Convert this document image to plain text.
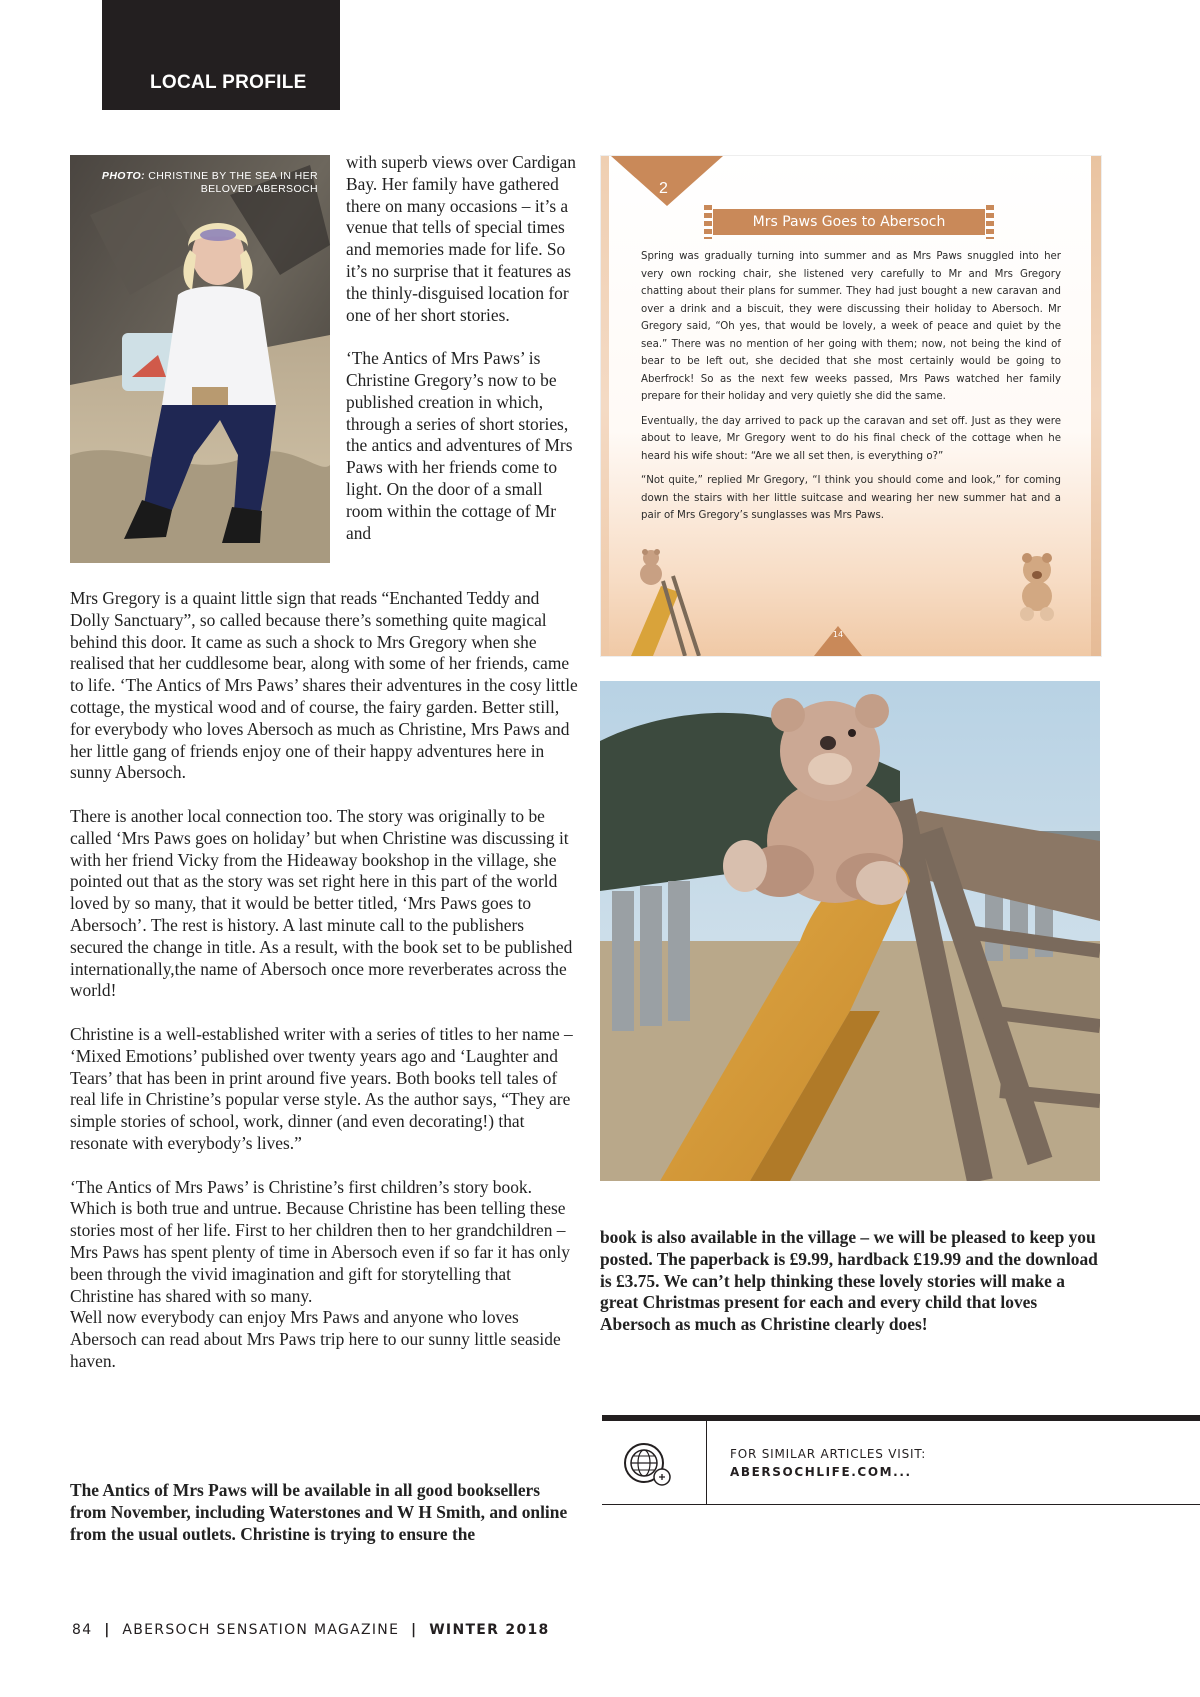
LOCAL PROFILE
PHOTO: CHRISTINE BY THE SEA IN HER BELOVED ABERSOCH

with superb views over Cardigan Bay. Her family have gathered there on many occasions – it’s a venue that tells of special times and memories made for life. So it’s no surprise that it features as the thinly-disguised location for one of her short stories.

‘The Antics of Mrs Paws’ is Christine Gregory’s now to be published creation in which, through a series of short stories, the antics and adventures of Mrs Paws with her friends come to light. On the door of a small room within the cottage of Mr and

Mrs Gregory is a quaint little sign that reads “Enchanted Teddy and Dolly Sanctuary”, so called because there’s something quite magical behind this door. It came as such a shock to Mrs Gregory when she realised that her cuddlesome bear, along with some of her friends, came to life. ‘The Antics of Mrs Paws’ shares their adventures in the cosy little cottage, the mystical wood and of course, the fairy garden. Better still, for everybody who loves Abersoch as much as Christine, Mrs Paws and her little gang of friends enjoy one of their happy adventures here in sunny Abersoch.

There is another local connection too. The story was originally to be called ‘Mrs Paws goes on holiday’ but when Christine was discussing it with her friend Vicky from the Hideaway bookshop in the village, she pointed out that as the story was set right here in this part of the world loved by so many, that it would be better titled, ‘Mrs Paws goes to Abersoch’. The rest is history. A last minute call to the publishers secured the change in title. As a result, with the book set to be published internationally,the name of Abersoch once more reverberates across the world!

Christine is a well-established writer with a series of titles to her name – ‘Mixed Emotions’ published over twenty years ago and ‘Laughter and Tears’ that has been in print around five years. Both books tell tales of real life in Christine’s popular verse style. As the author says, “They are simple stories of school, work, dinner (and even decorating!) that resonate with everybody’s lives.”

‘The Antics of Mrs Paws’ is Christine’s first children’s story book. Which is both true and untrue. Because Christine has been telling these stories most of her life. First to her children then to her grandchildren – Mrs Paws has spent plenty of time in Abersoch even if so far it has only been through the vivid imagination and gift for storytelling that Christine has shared with so many.

Well now everybody can enjoy Mrs Paws and anyone who loves Abersoch can read about Mrs Paws trip here to our sunny little seaside haven.

The Antics of Mrs Paws will be available in all good booksellers from November, including Waterstones and W H Smith, and online from the usual outlets. Christine is trying to ensure the

2
Mrs Paws Goes to Abersoch

Spring was gradually turning into summer and as Mrs Paws snuggled into her very own rocking chair, she listened very carefully to Mr and Mrs Gregory chatting about their plans for summer. They had just bought a new caravan and over a drink and a biscuit, they were discussing their holiday to Abersoch. Mr Gregory said, “Oh yes, that would be lovely, a week of peace and quiet by the sea.” There was no mention of her going with them; now, not being the kind of bear to be left out, she decided that she most certainly would be going to Aberfrock! So as the next few weeks passed, Mrs Paws watched her family prepare for their holiday and very quietly she did the same.

Eventually, the day arrived to pack up the caravan and set off. Just as they were about to leave, Mr Gregory went to do his final check of the cottage when he heard his wife shout: “Are we all set then, is everything o?”

“Not quite,” replied Mr Gregory, “I think you should come and look,” for coming down the stairs with her little suitcase and wearing her new summer hat and a pair of Mrs Gregory’s sunglasses was Mrs Paws.

14

book is also available in the village – we will be pleased to keep you posted. The paperback is £9.99, hardback £19.99 and the download is £3.75. We can’t help thinking these lovely stories will make a great Christmas present for each and every child that loves Abersoch as much as Christine clearly does!

FOR SIMILAR ARTICLES VISIT:
ABERSOCHLIFE.COM...
84 | ABERSOCH SENSATION MAGAZINE | WINTER 2018
